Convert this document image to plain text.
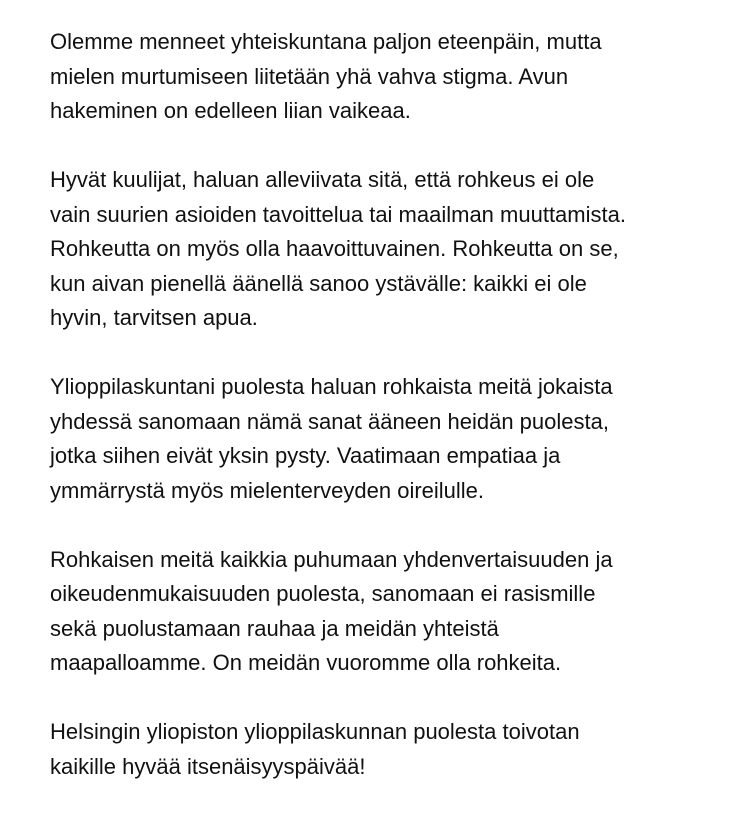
Olemme menneet yhteiskuntana paljon eteenpäin, mutta
mielen murtumiseen liitetään yhä vahva stigma. Avun
hakeminen on edelleen liian vaikeaa.

Hyvät kuulijat, haluan alleviivata sitä, että rohkeus ei ole
vain suurien asioiden tavoittelua tai maailman muuttamista.
Rohkeutta on myös olla haavoittuvainen. Rohkeutta on se,
kun aivan pienellä äänellä sanoo ystävälle: kaikki ei ole
hyvin, tarvitsen apua.

Ylioppilaskuntani puolesta haluan rohkaista meitä jokaista
yhdessä sanomaan nämä sanat ääneen heidän puolesta,
jotka siihen eivät yksin pysty. Vaatimaan empatiaa ja
ymmärrystä myös mielenterveyden oireilulle.

Rohkaisen meitä kaikkia puhumaan yhdenvertaisuuden ja
oikeudenmukaisuuden puolesta, sanomaan ei rasismille
sekä puolustamaan rauhaa ja meidän yhteistä
maapalloamme. On meidän vuoromme olla rohkeita.

Helsingin yliopiston ylioppilaskunnan puolesta toivotan
kaikille hyvää itsenäisyyspäivää!
